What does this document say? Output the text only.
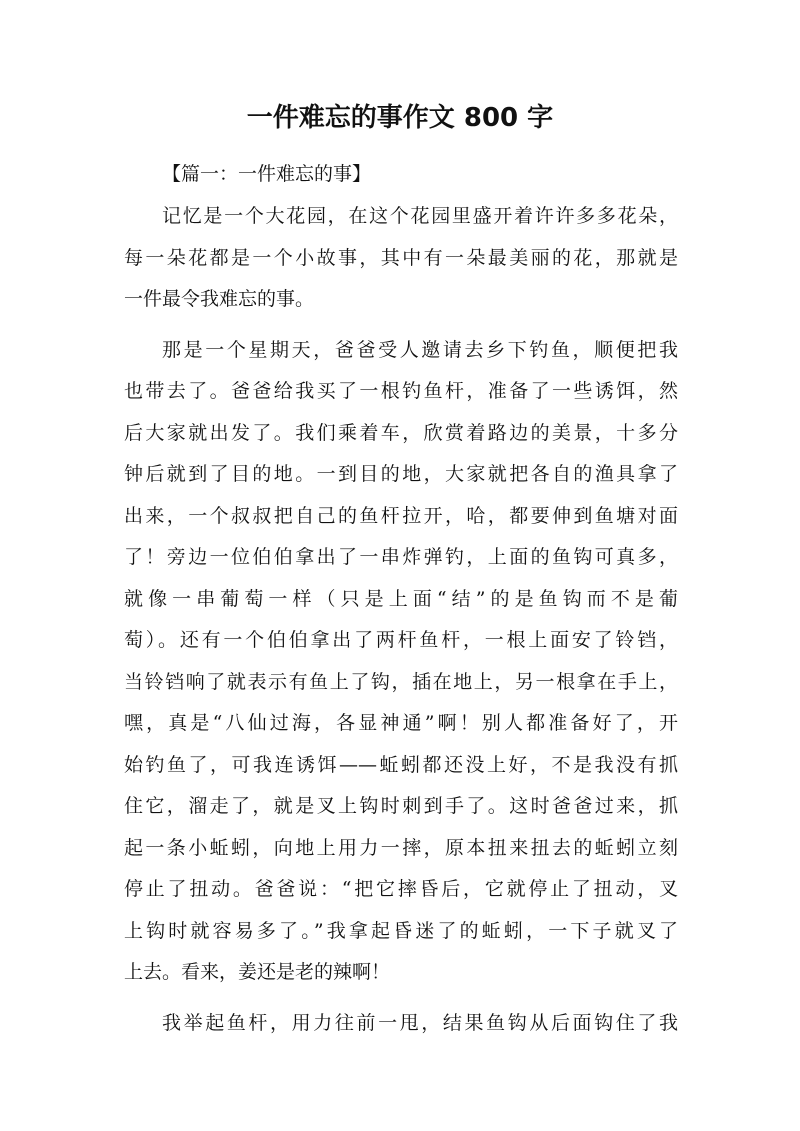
一件难忘的事作文 800 字
【篇一：一件难忘的事】
记忆是一个大花园，在这个花园里盛开着许许多多花朵，
每一朵花都是一个小故事，其中有一朵最美丽的花，那就是
一件最令我难忘的事。
那是一个星期天，爸爸受人邀请去乡下钓鱼，顺便把我
也带去了。爸爸给我买了一根钓鱼杆，准备了一些诱饵，然
后大家就出发了。我们乘着车，欣赏着路边的美景，十多分
钟后就到了目的地。一到目的地，大家就把各自的渔具拿了
出来，一个叔叔把自己的鱼杆拉开，哈，都要伸到鱼塘对面
了！旁边一位伯伯拿出了一串炸弹钓，上面的鱼钩可真多，
就像一串葡萄一样（只是上面“结”的是鱼钩而不是葡
萄）。还有一个伯伯拿出了两杆鱼杆，一根上面安了铃铛，
当铃铛响了就表示有鱼上了钩，插在地上，另一根拿在手上，
嘿，真是“八仙过海，各显神通”啊！别人都准备好了，开
始钓鱼了，可我连诱饵——蚯蚓都还没上好，不是我没有抓
住它，溜走了，就是叉上钩时刺到手了。这时爸爸过来，抓
起一条小蚯蚓，向地上用力一摔，原本扭来扭去的蚯蚓立刻
停止了扭动。爸爸说：“把它摔昏后，它就停止了扭动，叉
上钩时就容易多了。”我拿起昏迷了的蚯蚓，一下子就叉了
上去。看来，姜还是老的辣啊！
我举起鱼杆，用力往前一甩，结果鱼钩从后面钩住了我
